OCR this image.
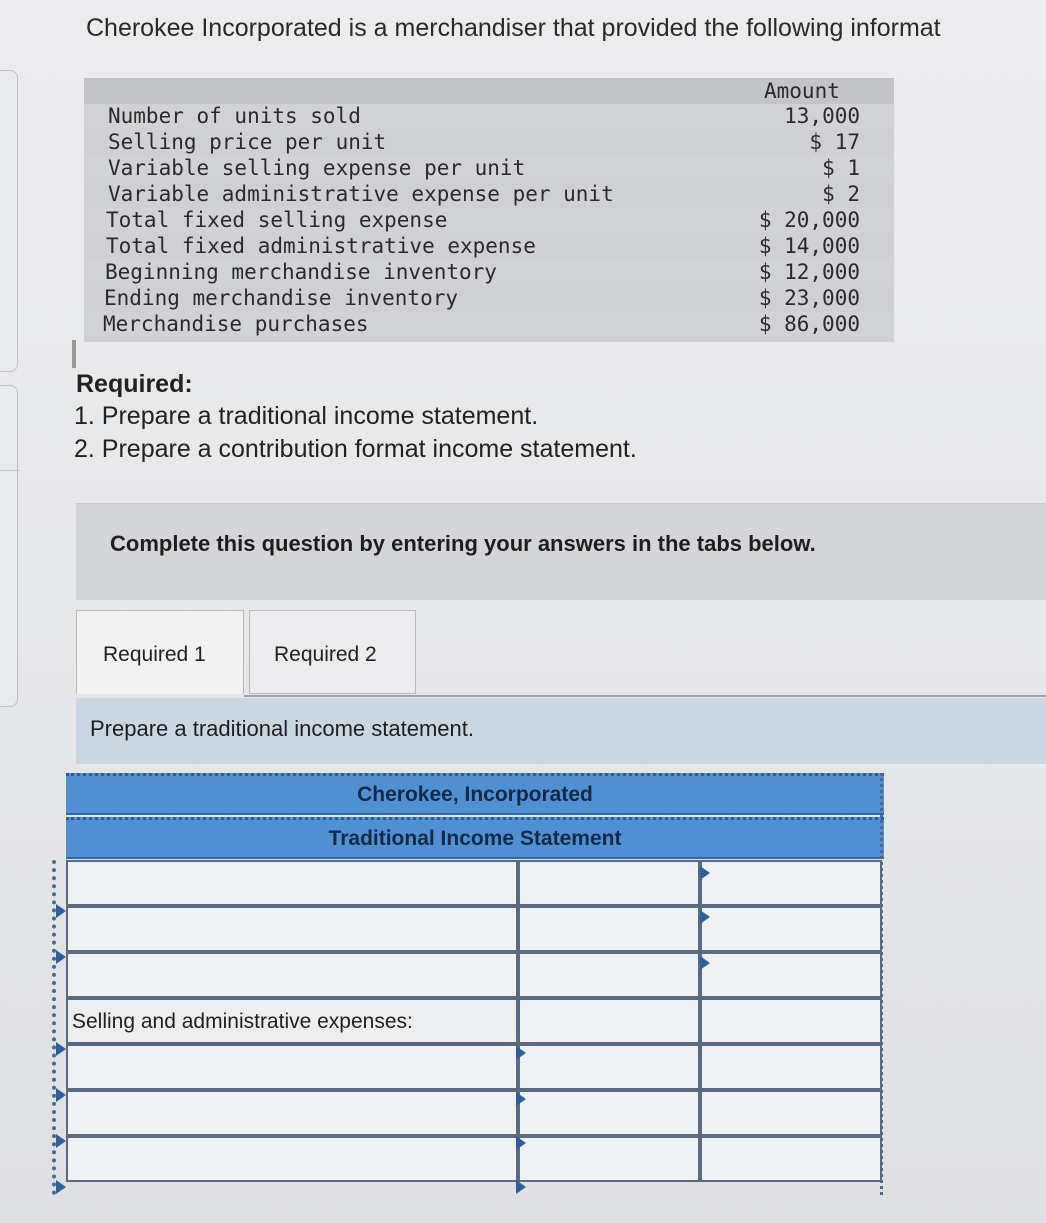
Cherokee Incorporated is a merchandiser that provided the following informat
Amount
Number of units sold	13,000
Selling price per unit	$ 17
Variable selling expense per unit	$ 1
Variable administrative expense per unit	$ 2
Total fixed selling expense	$ 20,000
Total fixed administrative expense	$ 14,000
Beginning merchandise inventory	$ 12,000
Ending merchandise inventory	$ 23,000
Merchandise purchases	$ 86,000
Required:
1. Prepare a traditional income statement.
2. Prepare a contribution format income statement.
Complete this question by entering your answers in the tabs below.
Required 1	Required 2
Prepare a traditional income statement.
Cherokee, Incorporated
Traditional Income Statement
Selling and administrative expenses:
